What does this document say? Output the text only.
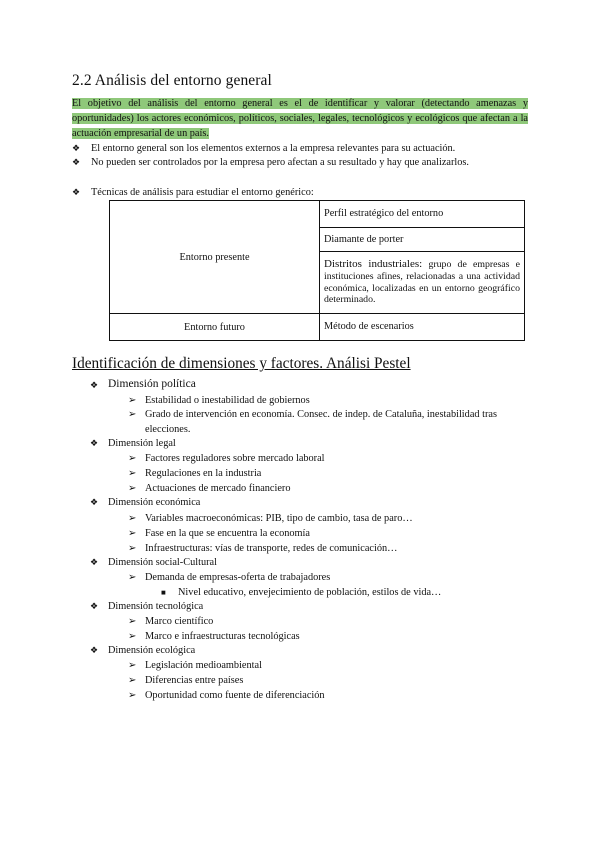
2.2 Análisis del entorno general
El objetivo del análisis del entorno general es el de identificar y valorar (detectando amenazas y oportunidades) los actores económicos, políticos, sociales, legales, tecnológicos y ecológicos que afectan a la actuación empresarial de un país.
❖ El entorno general son los elementos externos a la empresa relevantes para su actuación.
❖ No pueden ser controlados por la empresa pero afectan a su resultado y hay que analizarlos.
❖ Técnicas de análisis para estudiar el entorno genérico:
Entorno presente	Perfil estratégico del entorno
	Diamante de porter
	Distritos industriales: grupo de empresas e instituciones afines, relacionadas a una actividad económica, localizadas en un entorno geográfico determinado.
Entorno futuro	Método de escenarios
Identificación de dimensiones y factores. Análisi Pestel
❖ Dimensión política
➢ Estabilidad o inestabilidad de gobiernos
➢ Grado de intervención en economía. Consec. de indep. de Cataluña, inestabilidad tras
elecciones.
❖ Dimensión legal
➢ Factores reguladores sobre mercado laboral
➢ Regulaciones en la industria
➢ Actuaciones de mercado financiero
❖ Dimensión económica
➢ Variables macroeconómicas: PIB, tipo de cambio, tasa de paro…
➢ Fase en la que se encuentra la economía
➢ Infraestructuras: vías de transporte, redes de comunicación…
❖ Dimensión social-Cultural
➢ Demanda de empresas-oferta de trabajadores
■ Nivel educativo, envejecimiento de población, estilos de vida…
❖ Dimensión tecnológica
➢ Marco científico
➢ Marco e infraestructuras tecnológicas
❖ Dimensión ecológica
➢ Legislación medioambiental
➢ Diferencias entre países
➢ Oportunidad como fuente de diferenciación
